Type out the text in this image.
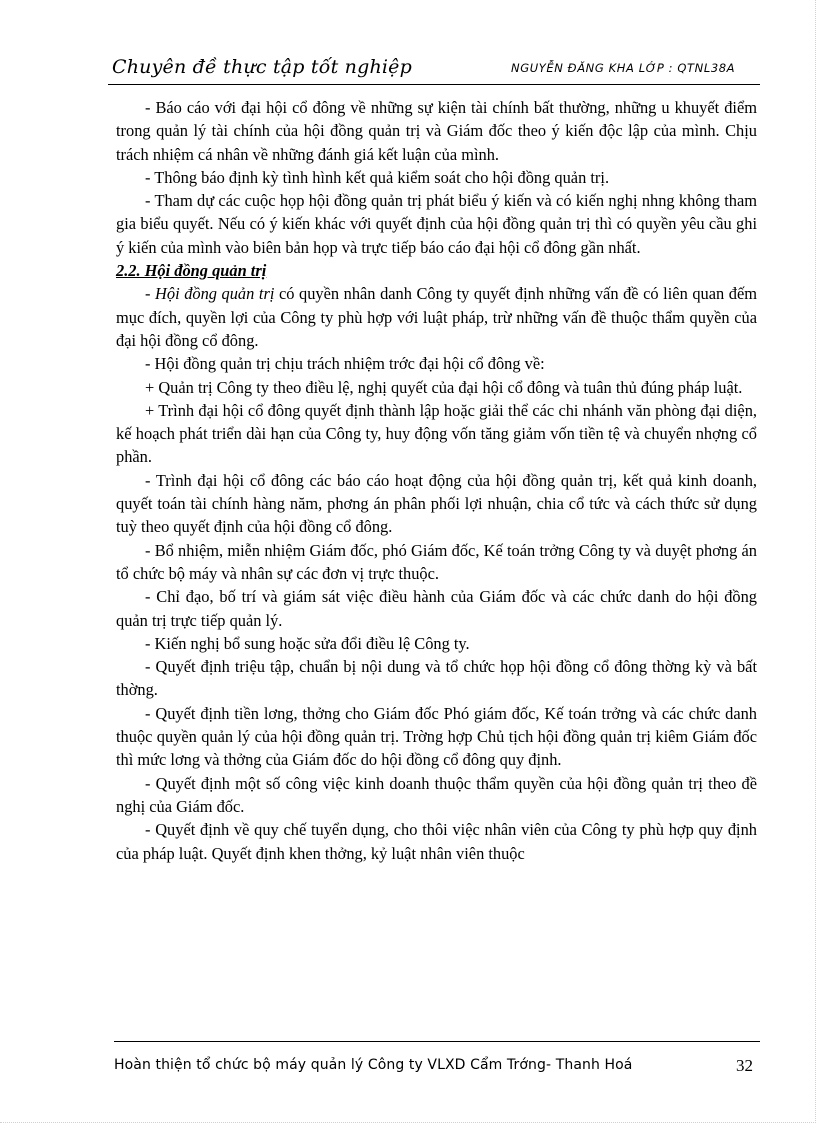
Chuyên đề thực tập tốt nghiệp	NGUYỄN ĐĂNG KHA LỚP : QTNL38A

- Báo cáo với đại hội cổ đông về những sự kiện tài chính bất thường, những u khuyết điểm trong quản lý tài chính của hội đồng quản trị và Giám đốc theo ý kiến độc lập của mình. Chịu trách nhiệm cá nhân về những đánh giá kết luận của mình.

- Thông báo định kỳ tình hình kết quả kiểm soát cho hội đồng quản trị.

- Tham dự các cuộc họp hội đồng quản trị phát biểu ý kiến và có kiến nghị nhng không tham gia biểu quyết. Nếu có ý kiến khác với quyết định của hội đồng quản trị thì có quyền yêu cầu ghi ý kiến của mình vào biên bản họp và trực tiếp báo cáo đại hội cổ đông gần nhất.

2.2. Hội đồng quản trị

- Hội đồng quản trị có quyền nhân danh Công ty quyết định những vấn đề có liên quan đếm mục đích, quyền lợi của Công ty phù hợp với luật pháp, trừ những vấn đề thuộc thẩm quyền của đại hội đồng cổ đông.

- Hội đồng quản trị chịu trách nhiệm trớc đại hội cổ đông về:

+ Quản trị Công ty theo điều lệ, nghị quyết của đại hội cổ đông và tuân thủ đúng pháp luật.

+ Trình đại hội cổ đông quyết định thành lập hoặc giải thể các chi nhánh văn phòng đại diện, kế hoạch phát triển dài hạn của Công ty, huy động vốn tăng giảm vốn tiền tệ và chuyển nhợng cổ phần.

- Trình đại hội cổ đông các báo cáo hoạt động của hội đồng quản trị, kết quả kinh doanh, quyết toán tài chính hàng năm, phơng án phân phối lợi nhuận, chia cổ tức và cách thức sử dụng tuỳ theo quyết định của hội đồng cổ đông.

- Bổ nhiệm, miễn nhiệm Giám đốc, phó Giám đốc, Kế toán trởng Công ty và duyệt phơng án tổ chức bộ máy và nhân sự các đơn vị trực thuộc.

- Chỉ đạo, bố trí và giám sát việc điều hành của Giám đốc và các chức danh do hội đồng quản trị trực tiếp quản lý.

- Kiến nghị bổ sung hoặc sửa đổi điều lệ Công ty.

- Quyết định triệu tập, chuẩn bị nội dung và tổ chức họp hội đồng cổ đông thờng kỳ và bất thờng.

- Quyết định tiền lơng, thởng cho Giám đốc Phó giám đốc, Kế toán trởng và các chức danh thuộc quyền quản lý của hội đồng quản trị. Trờng hợp Chủ tịch hội đồng quản trị kiêm Giám đốc thì mức lơng và thởng của Giám đốc do hội đồng cổ đông quy định.

- Quyết định một số công việc kinh doanh thuộc thẩm quyền của hội đồng quản trị theo đề nghị của Giám đốc.

- Quyết định về quy chế tuyển dụng, cho thôi việc nhân viên của Công ty phù hợp quy định của pháp luật. Quyết định khen thởng, kỷ luật nhân viên thuộc

Hoàn thiện tổ chức bộ máy quản lý Công ty VLXD Cẩm Trớng- Thanh Hoá	32
